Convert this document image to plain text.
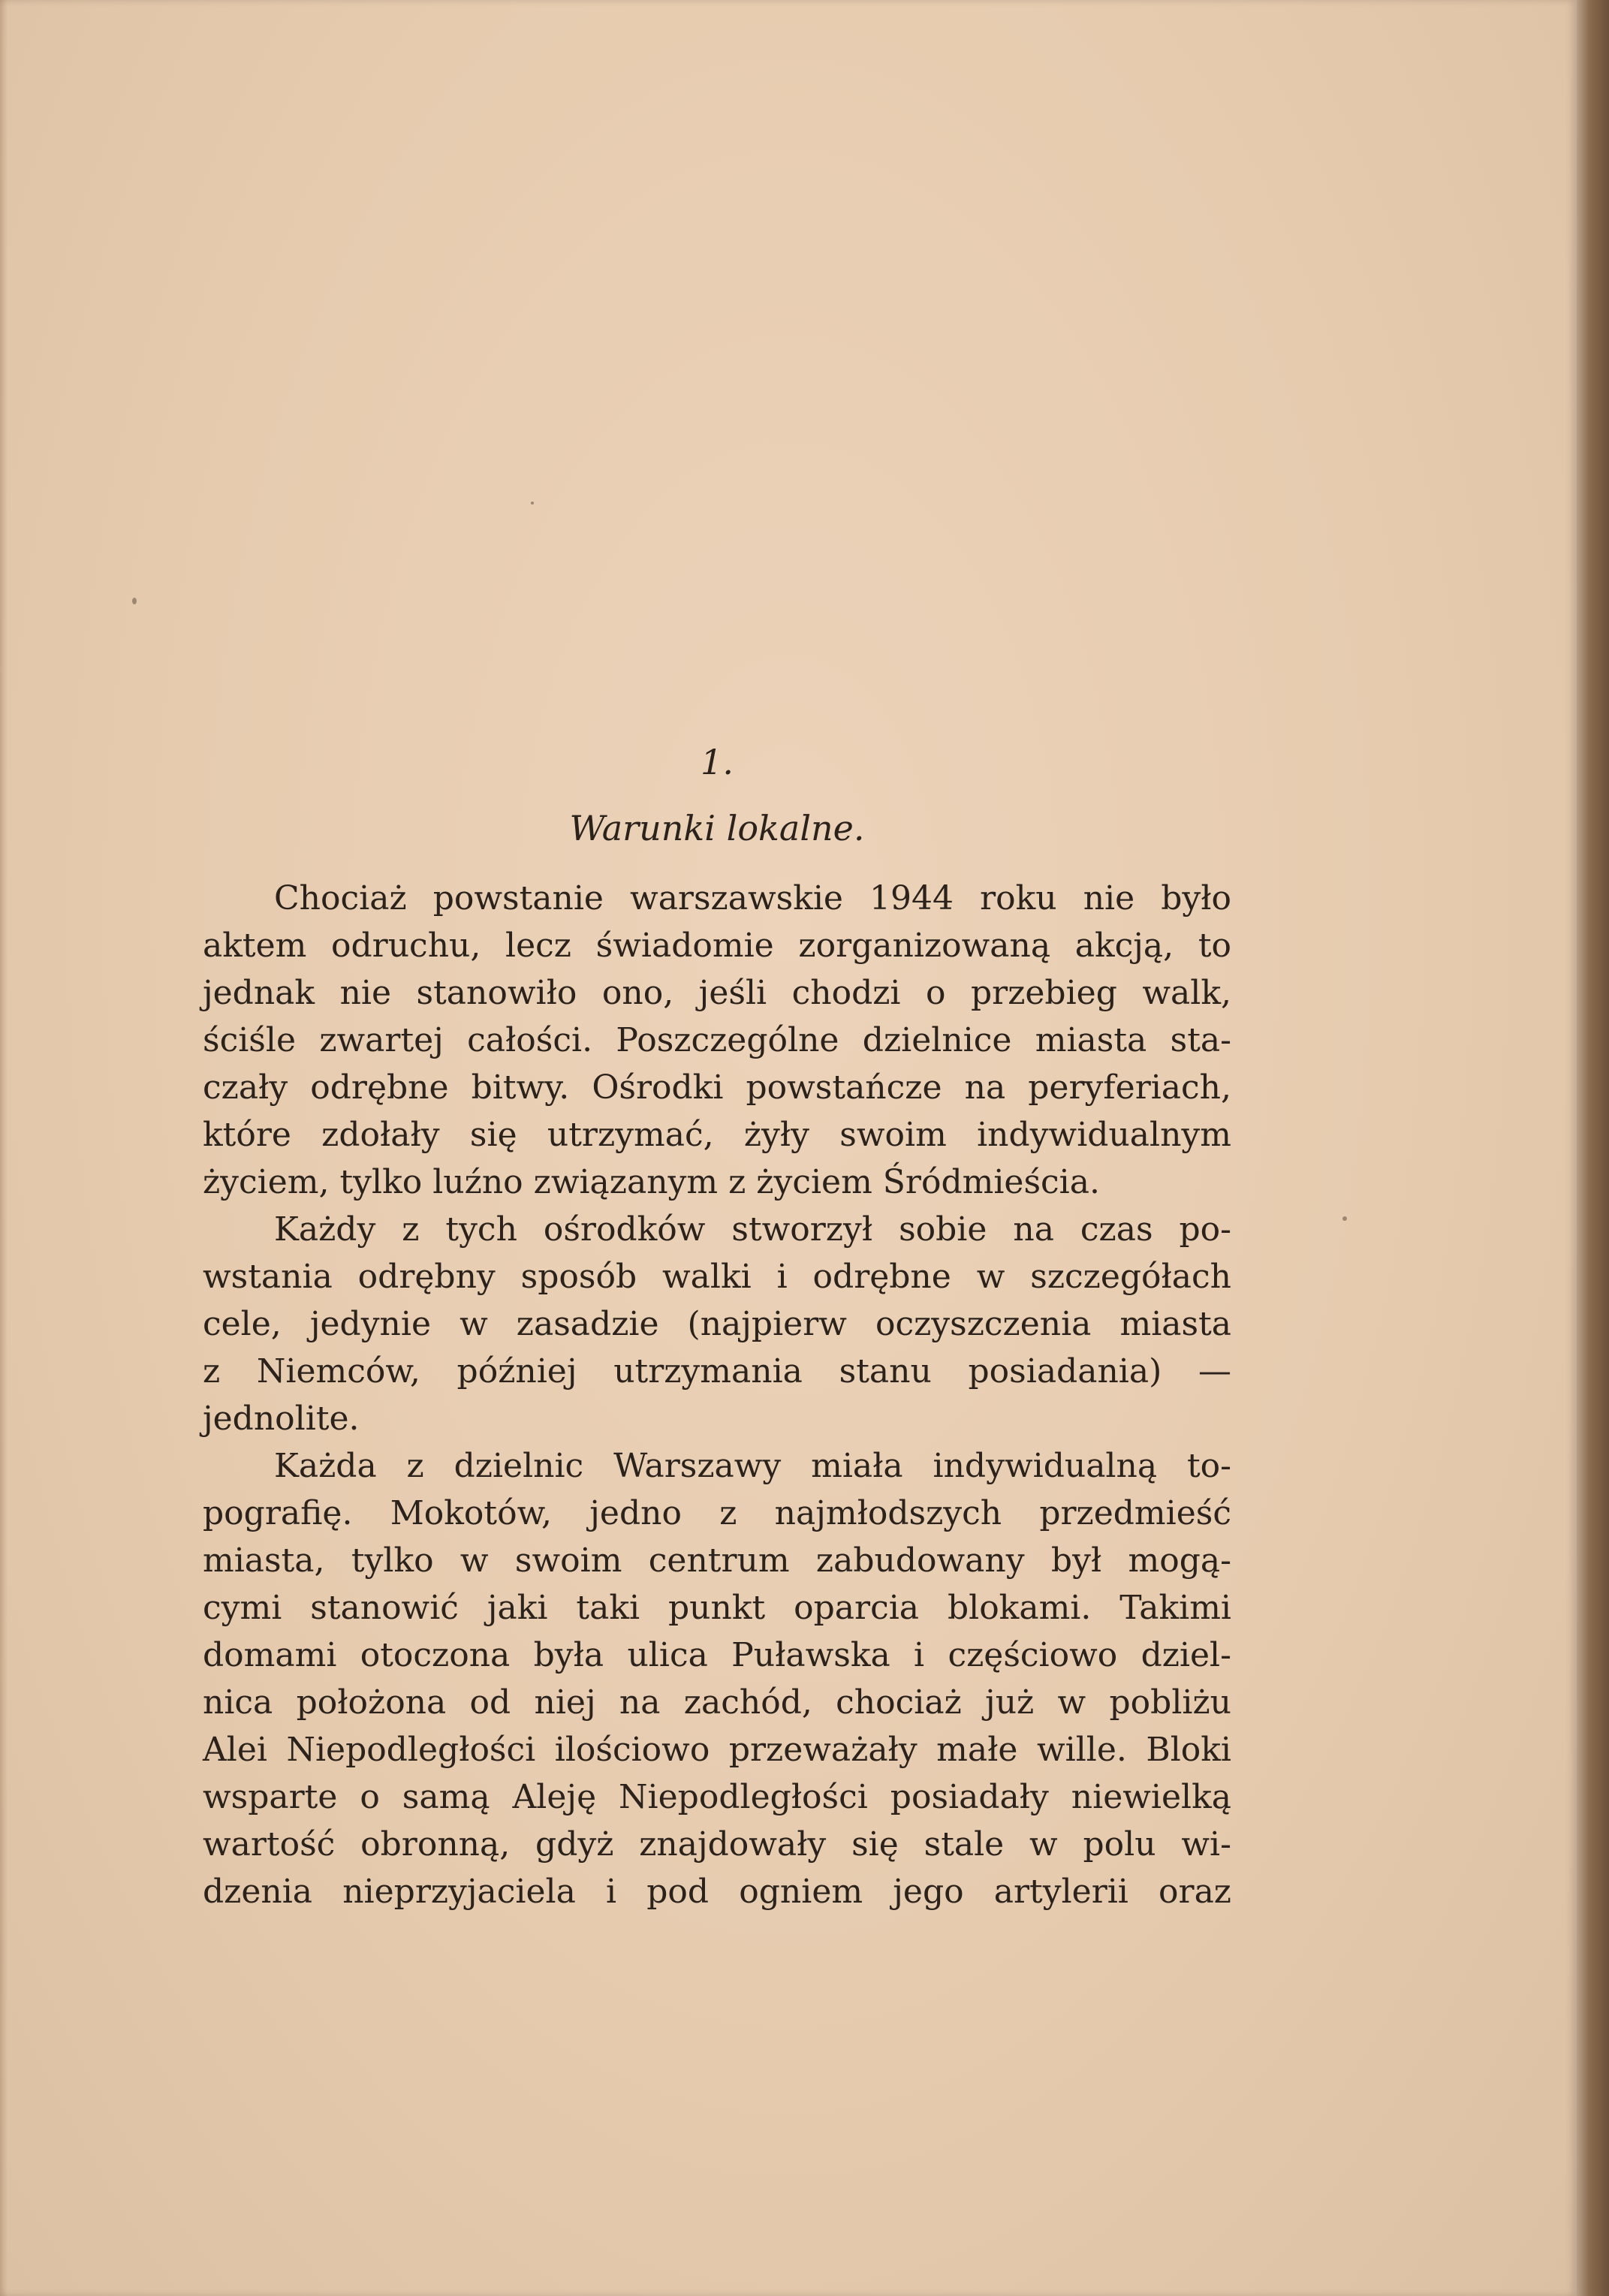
1.
Warunki lokalne.
Chociaż powstanie warszawskie 1944 roku nie było
aktem odruchu, lecz świadomie zorganizowaną akcją, to
jednak nie stanowiło ono, jeśli chodzi o przebieg walk,
ściśle zwartej całości. Poszczególne dzielnice miasta sta-
czały odrębne bitwy. Ośrodki powstańcze na peryferiach,
które zdołały się utrzymać, żyły swoim indywidualnym
życiem, tylko luźno związanym z życiem Śródmieścia.
Każdy z tych ośrodków stworzył sobie na czas po-
wstania odrębny sposób walki i odrębne w szczegółach
cele, jedynie w zasadzie (najpierw oczyszczenia miasta
z Niemców, później utrzymania stanu posiadania) —
jednolite.
Każda z dzielnic Warszawy miała indywidualną to-
pografię. Mokotów, jedno z najmłodszych przedmieść
miasta, tylko w swoim centrum zabudowany był mogą-
cymi stanowić jaki taki punkt oparcia blokami. Takimi
domami otoczona była ulica Puławska i częściowo dziel-
nica położona od niej na zachód, chociaż już w pobliżu
Alei Niepodległości ilościowo przeważały małe wille. Bloki
wsparte o samą Aleję Niepodległości posiadały niewielką
wartość obronną, gdyż znajdowały się stale w polu wi-
dzenia nieprzyjaciela i pod ogniem jego artylerii oraz
